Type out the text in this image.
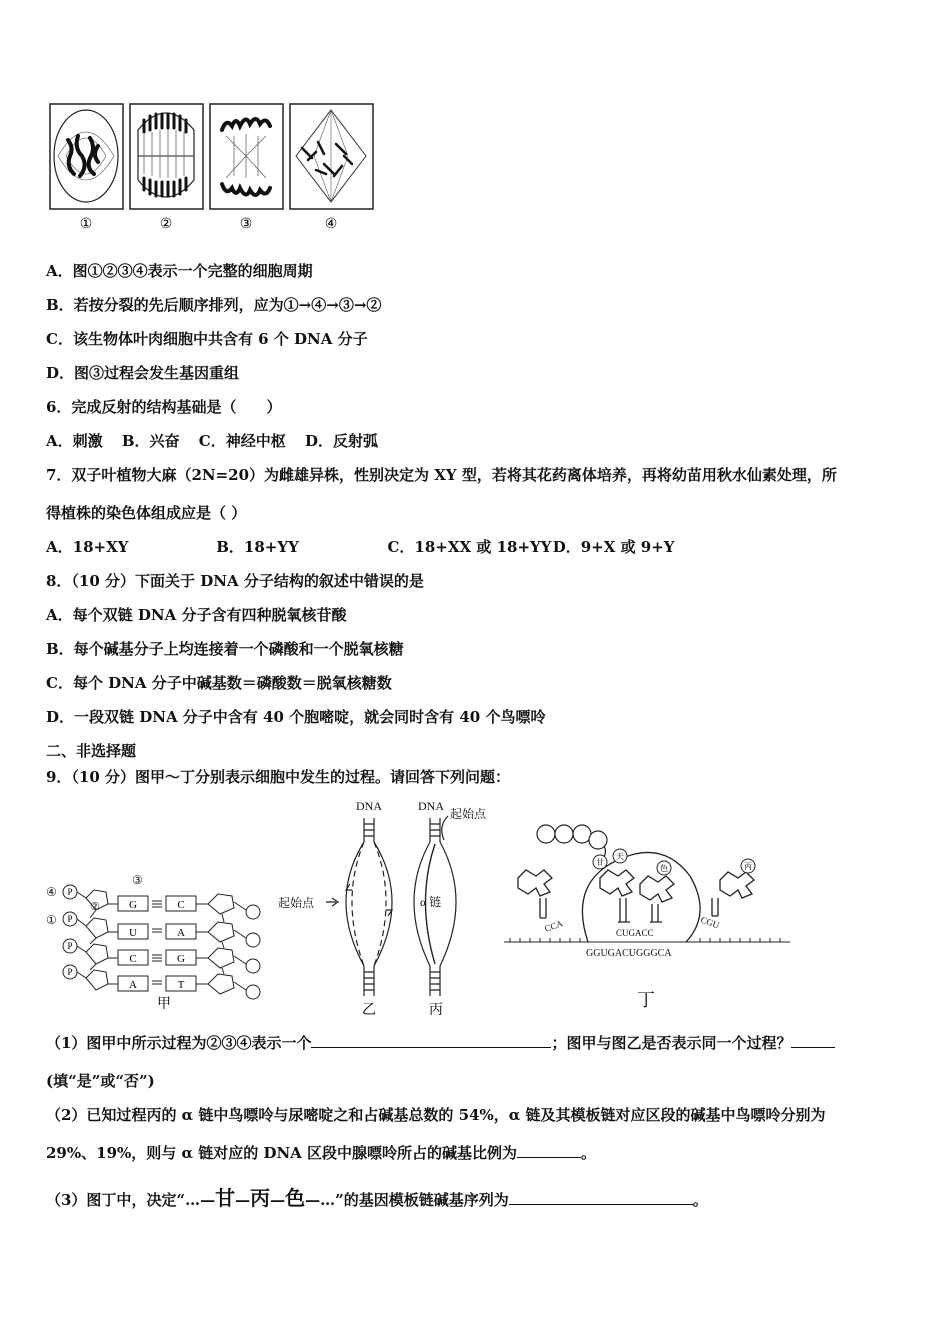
①	②	③	④
A．图①②③④表示一个完整的细胞周期
B．若按分裂的先后顺序排列，应为①→④→③→②
C．该生物体叶肉细胞中共含有 6 个 DNA 分子
D．图③过程会发生基因重组
6．完成反射的结构基础是（　　）
A．刺激 B．兴奋 C．神经中枢 D．反射弧
7．双子叶植物大麻（2N=20）为雌雄异株，性别决定为 XY 型，若将其花药离体培养，再将幼苗用秋水仙素处理，所
得植株的染色体组成应是（ ）
A．18+XY	B．18+YY	C．18+XX 或 18+YY D．9+X 或 9+Y
8．（10 分）下面关于 DNA 分子结构的叙述中错误的是
A．每个双链 DNA 分子含有四种脱氧核苷酸
B．每个碱基分子上均连接着一个磷酸和一个脱氧核糖
C．每个 DNA 分子中碱基数＝磷酸数＝脱氧核糖数
D．一段双链 DNA 分子中含有 40 个胞嘧啶，就会同时含有 40 个鸟嘌呤
二、非选择题
9．（10 分）图甲～丁分别表示细胞中发生的过程。请回答下列问题：
③
④
①
②
P
P
P
P
G
U
C
A
C
A
G
T
甲
DNA	DNA
起始点
起始点	α 链
乙	丙
甘
天
色	丙
CCA	CUGACC
CGU
GGUGACUGGGCA
丁
（1）图甲中所示过程为②③④表示一个	；图甲与图乙是否表示同一个过程？
(填“是”或“否”)
（2）已知过程丙的 α 链中鸟嘌呤与尿嘧啶之和占碱基总数的 54%，α 链及其模板链对应区段的碱基中鸟嘌呤分别为
29%、19%，则与 α 链对应的 DNA 区段中腺嘌呤所占的碱基比例为	。
（3）图丁中，决定“…—甘—丙—色—…”的基因模板链碱基序列为	。
